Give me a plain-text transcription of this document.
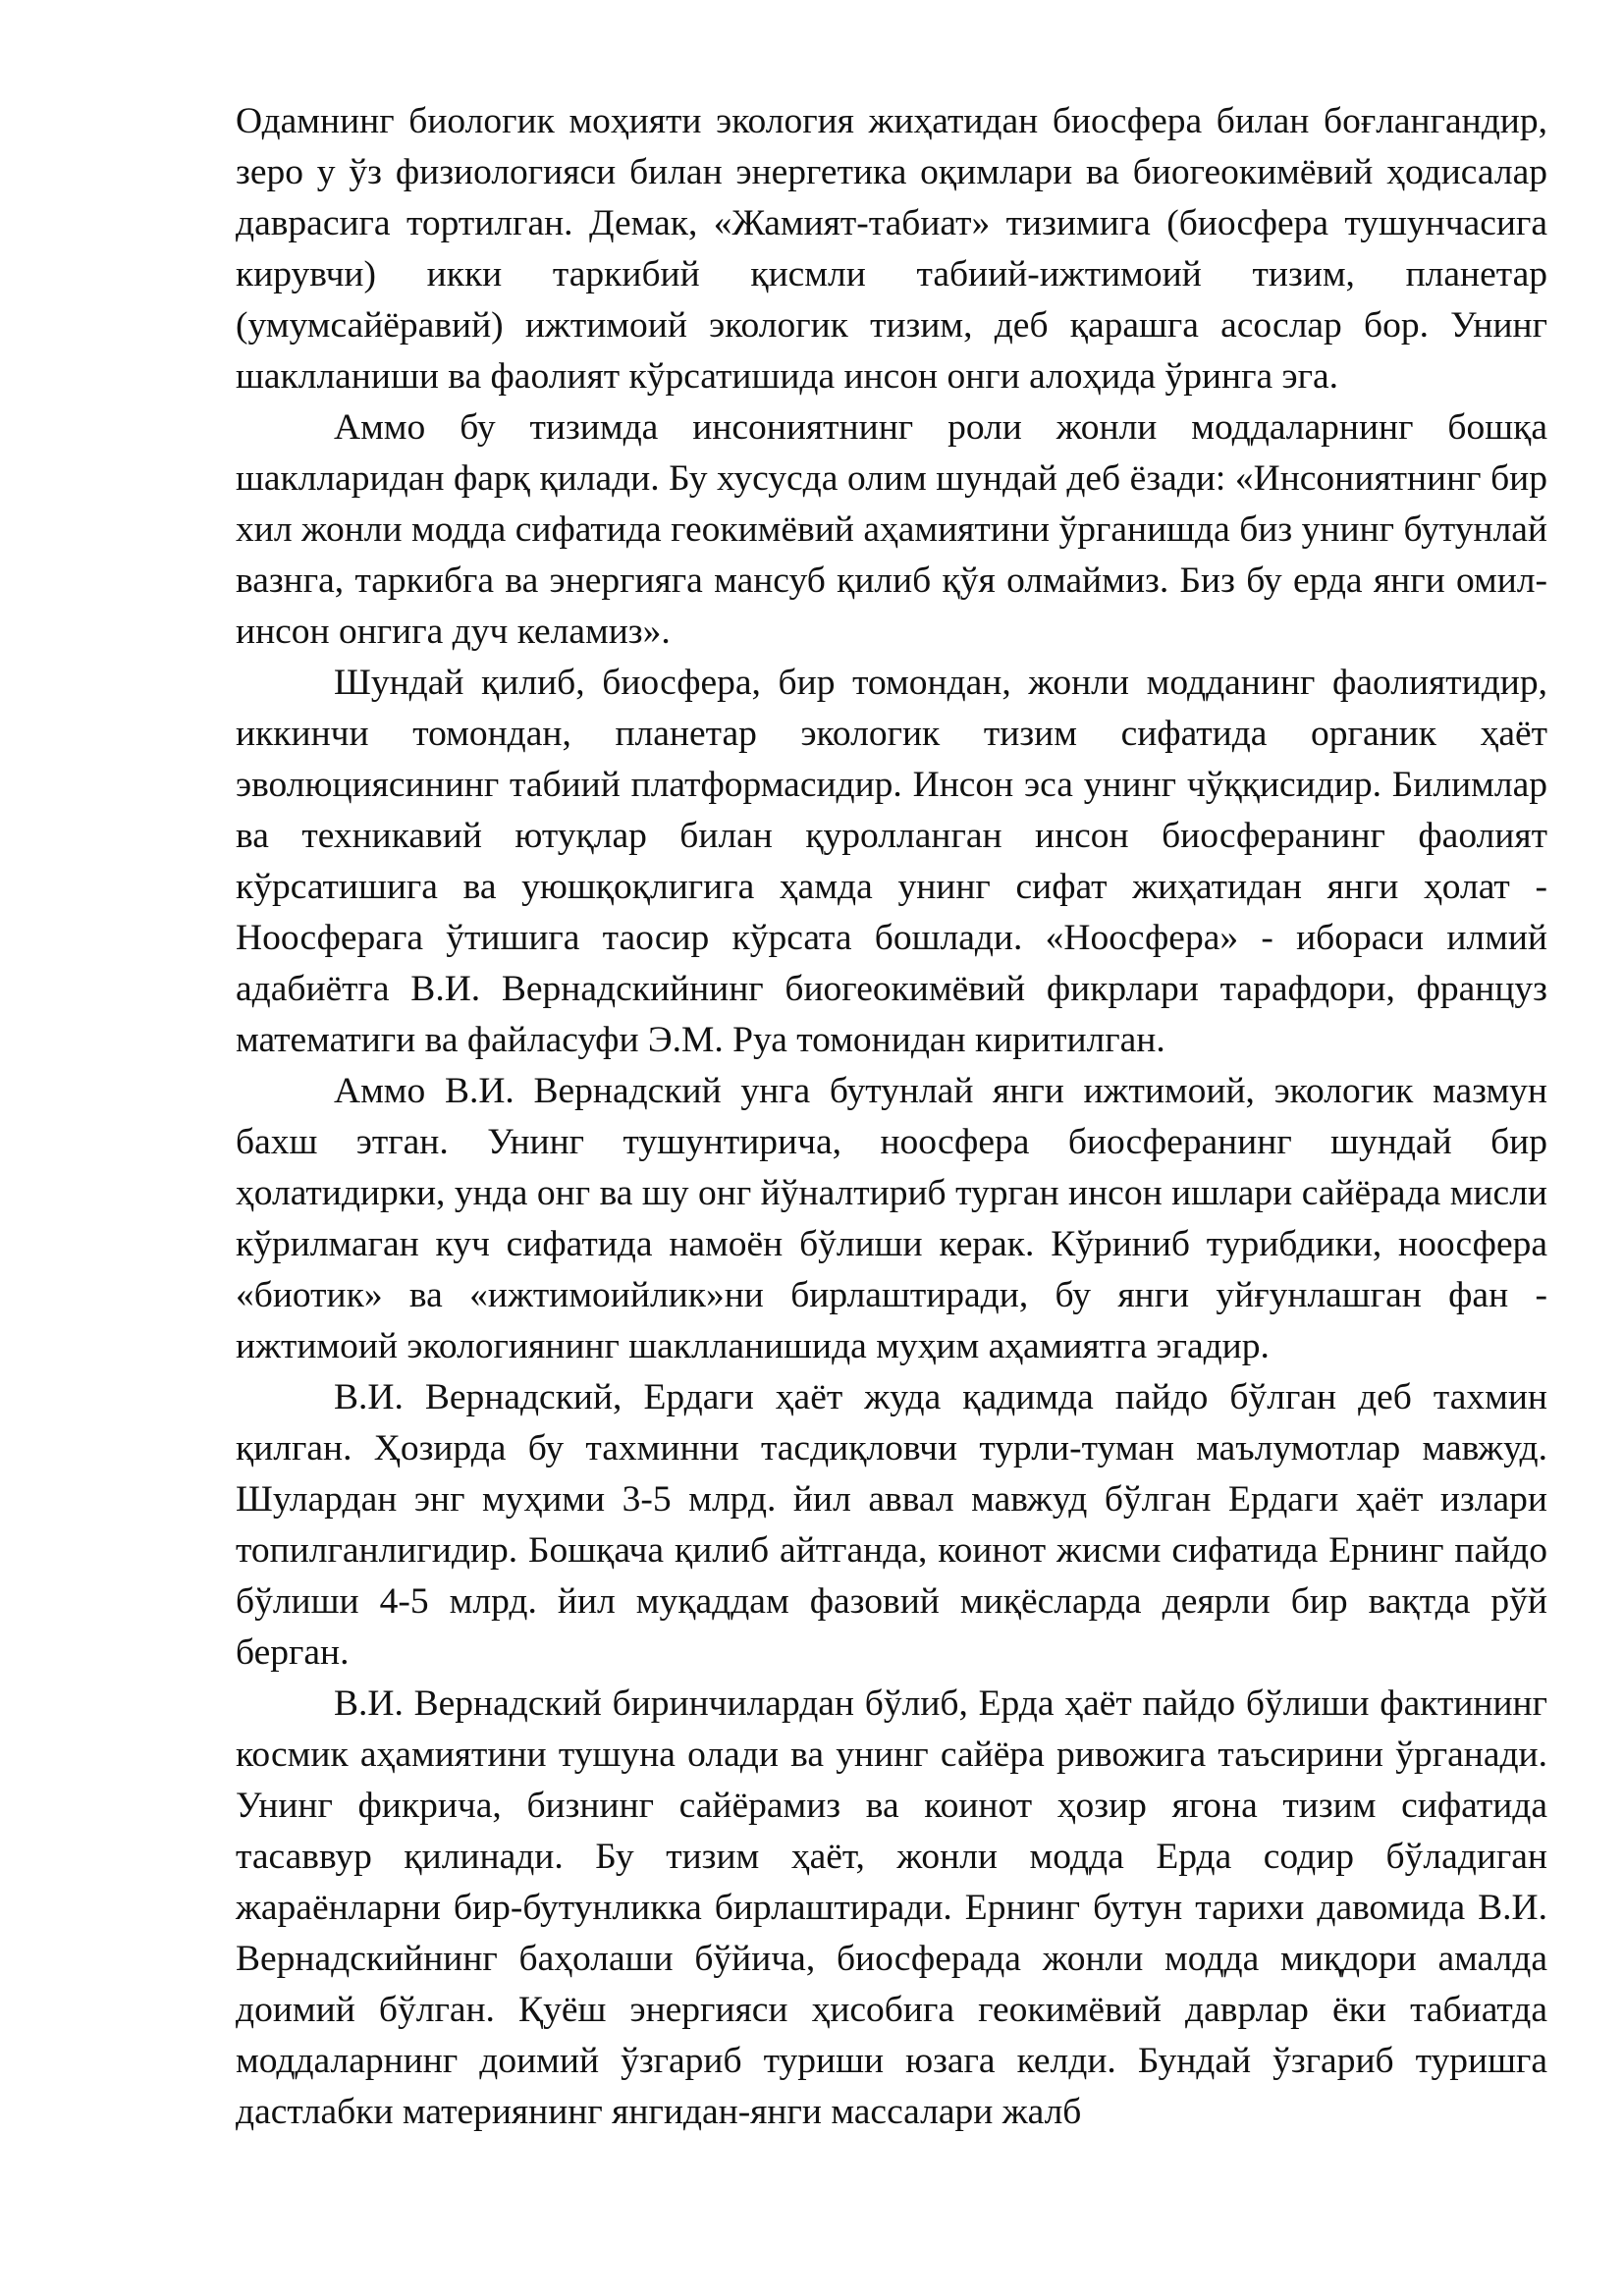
Одамнинг биологик моҳияти экология жиҳатидан биосфера билан боғлангандир, зеро у ўз физиологияси билан энергетика оқимлари ва биогеокимёвий ҳодисалар даврасига тортилган. Демак, «Жамият-табиат» тизимига (биосфера тушунчасига кирувчи) икки таркибий қисмли табиий-ижтимоий тизим, планетар (умумсайёравий) ижтимоий экологик тизим, деб қарашга асослар бор. Унинг шаклланиши ва фаолият кўрсатишида инсон онги алоҳида ўринга эга.

Аммо бу тизимда инсониятнинг роли жонли моддаларнинг бошқа шаклларидан фарқ қилади. Бу хусусда олим шундай деб ёзади: «Инсониятнинг бир хил жонли модда сифатида геокимёвий аҳамиятини ўрганишда биз унинг бутунлай вазнга, таркибга ва энергияга мансуб қилиб қўя олмаймиз. Биз бу ерда янги омил-инсон онгига дуч келамиз».

Шундай қилиб, биосфера, бир томондан, жонли модданинг фаолиятидир, иккинчи томондан, планетар экологик тизим сифатида органик ҳаёт эволюциясининг табиий платформасидир. Инсон эса унинг чўққисидир. Билимлар ва техникавий ютуқлар билан қуролланган инсон биосферанинг фаолият кўрсатишига ва уюшқоқлигига ҳамда унинг сифат жиҳатидан янги ҳолат - Ноосферага ўтишига таосир кўрсата бошлади. «Ноосфера» - ибораси илмий адабиётга В.И. Вернадскийнинг биогеокимёвий фикрлари тарафдори, француз математиги ва файласуфи Э.М. Руа томонидан киритилган.

Аммо В.И. Вернадский унга бутунлай янги ижтимоий, экологик мазмун бахш этган. Унинг тушунтирича, ноосфера биосферанинг шундай бир ҳолатидирки, унда онг ва шу онг йўналтириб турган инсон ишлари сайёрада мисли кўрилмаган куч сифатида намоён бўлиши керак. Кўриниб турибдики, ноосфера «биотик» ва «ижтимоийлик»ни бирлаштиради, бу янги уйғунлашган фан - ижтимоий экологиянинг шаклланишида муҳим аҳамиятга эгадир.

В.И. Вернадский, Ердаги ҳаёт жуда қадимда пайдо бўлган деб тахмин қилган. Ҳозирда бу тахминни тасдиқловчи турли-туман маълумотлар мавжуд. Шулардан энг муҳими 3-5 млрд. йил аввал мавжуд бўлган Ердаги ҳаёт излари топилганлигидир. Бошқача қилиб айтганда, коинот жисми сифатида Ернинг пайдо бўлиши 4-5 млрд. йил муқаддам фазовий миқёсларда деярли бир вақтда рўй берган.

В.И. Вернадский биринчилардан бўлиб, Ерда ҳаёт пайдо бўлиши фактининг космик аҳамиятини тушуна олади ва унинг сайёра ривожига таъсирини ўрганади. Унинг фикрича, бизнинг сайёрамиз ва коинот ҳозир ягона тизим сифатида тасаввур қилинади. Бу тизим ҳаёт, жонли модда Ерда содир бўладиган жараёнларни бир-бутунликка бирлаштиради. Ернинг бутун тарихи давомида В.И. Вернадскийнинг баҳолаши бўйича, биосферада жонли модда миқдори амалда доимий бўлган. Қуёш энергияси ҳисобига геокимёвий даврлар ёки табиатда моддаларнинг доимий ўзгариб туриши юзага келди. Бундай ўзгариб туришга дастлабки материянинг янгидан-янги массалари жалб
